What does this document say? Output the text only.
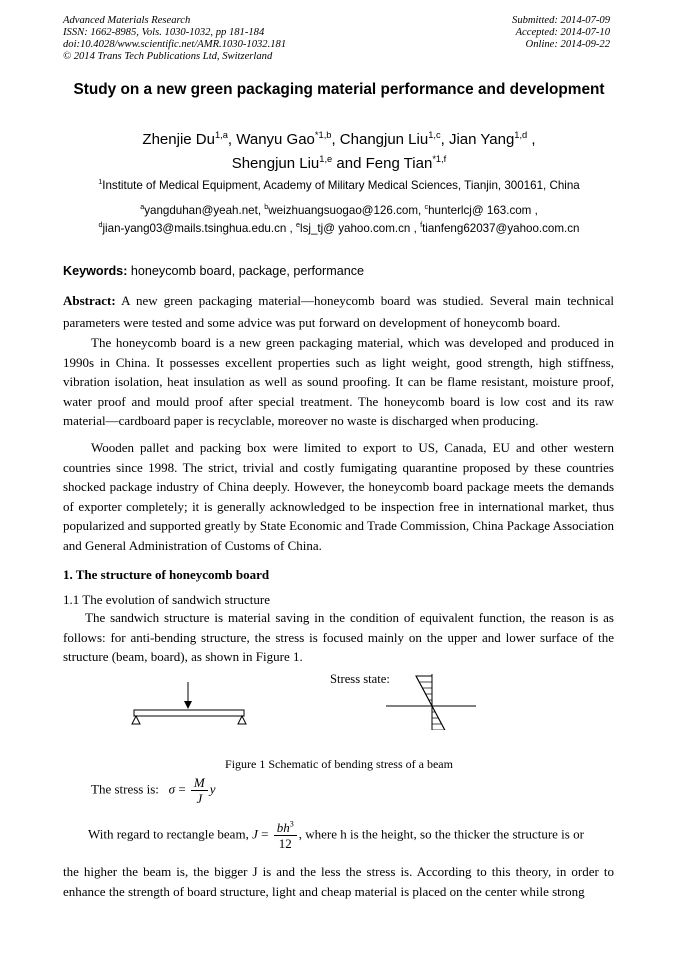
Advanced Materials Research
ISSN: 1662-8985, Vols. 1030-1032, pp 181-184
doi:10.4028/www.scientific.net/AMR.1030-1032.181
© 2014 Trans Tech Publications Ltd, Switzerland
Submitted: 2014-07-09
Accepted: 2014-07-10
Online: 2014-09-22
Study on a new green packaging material performance and development
Zhenjie Du$^{1,a}$, Wanyu Gao$^{*1,b}$, Changjun Liu$^{1,c}$, Jian Yang$^{1,d}$ ,
Shengjun Liu$^{1,e}$ and Feng Tian$^{*1,f}$
$^1$Institute of Medical Equipment, Academy of Military Medical Sciences, Tianjin, 300161, China
$^a$yangduhan@yeah.net, $^b$weizhuangsuogao@126.com, $^c$hunterlcj@ 163.com ,
$^d$jian-yang03@mails.tsinghua.edu.cn , $^e$lsj_tj@ yahoo.com.cn , $^f$tianfeng62037@yahoo.com.cn
Keywords: honeycomb board, package, performance
Abstract: A new green packaging material—honeycomb board was studied. Several main technical parameters were tested and some advice was put forward on development of honeycomb board.
The honeycomb board is a new green packaging material, which was developed and produced in 1990s in China. It possesses excellent properties such as light weight, good strength, high stiffness, vibration isolation, heat insulation as well as sound proofing. It can be flame resistant, moisture proof, water proof and mould proof after special treatment. The honeycomb board is low cost and its raw material—cardboard paper is recyclable, moreover no waste is discharged when producing.
Wooden pallet and packing box were limited to export to US, Canada, EU and other western countries since 1998. The strict, trivial and costly fumigating quarantine proposed by these countries shocked package industry of China deeply. However, the honeycomb board package meets the demands of exporter completely; it is generally acknowledged to be inspection free in international market, thus popularized and supported greatly by State Economic and Trade Commission, China Package Association and General Administration of Customs of China.
1. The structure of honeycomb board
1.1 The evolution of sandwich structure
The sandwich structure is material saving in the condition of equivalent function, the reason is as follows: for anti-bending structure, the stress is focused mainly on the upper and lower surface of the structure (beam, board), as shown in Figure 1.
Stress state:
Figure 1 Schematic of bending stress of a beam
The stress is: $\sigma = \frac{M}{J}$ y
With regard to rectangle beam, $J = \frac{bh^3}{12}$ , where h is the height, so the thicker the structure is or
the higher the beam is, the bigger J is and the less the stress is. According to this theory, in order to enhance the strength of board structure, light and cheap material is placed on the center while strong
